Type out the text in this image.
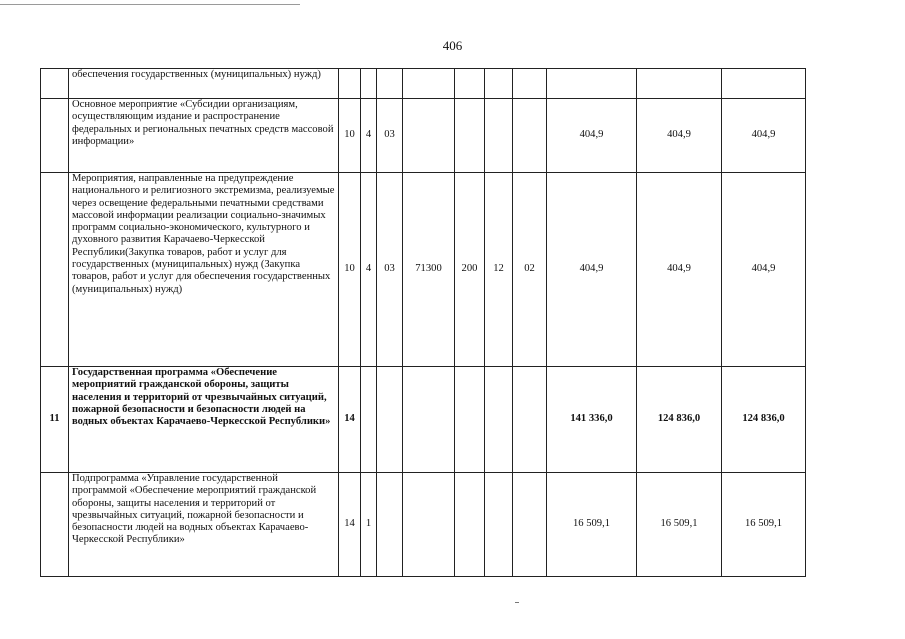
406
	обеспечения государственных (муниципальных) нужд)										
	Основное мероприятие «Субсидии организациям, осуществляющим издание и распространение федеральных и региональных печатных средств массовой информации»	10	4	03					404,9	404,9	404,9
	Мероприятия, направленные на предупреждение национального и религиозного экстремизма, реализуемые через освещение федеральными печатными средствами массовой информации реализации социально-значимых программ социально-экономического, культурного и духовного развития Карачаево-Черкесской Республики(Закупка товаров, работ и услуг для государственных (муниципальных) нужд (Закупка товаров, работ и услуг для обеспечения государственных (муниципальных) нужд)	10	4	03	71300	200	12	02	404,9	404,9	404,9
11	Государственная программа «Обеспечение мероприятий гражданской обороны, защиты населения и территорий от чрезвычайных ситуаций, пожарной безопасности и безопасности людей на водных объектах Карачаево-Черкесской Республики»	14							141 336,0	124 836,0	124 836,0
	Подпрограмма «Управление государственной программой «Обеспечение мероприятий гражданской обороны, защиты населения и территорий от чрезвычайных ситуаций, пожарной безопасности и безопасности людей на водных объектах Карачаево-Черкесской Республики»	14	1						16 509,1	16 509,1	16 509,1
